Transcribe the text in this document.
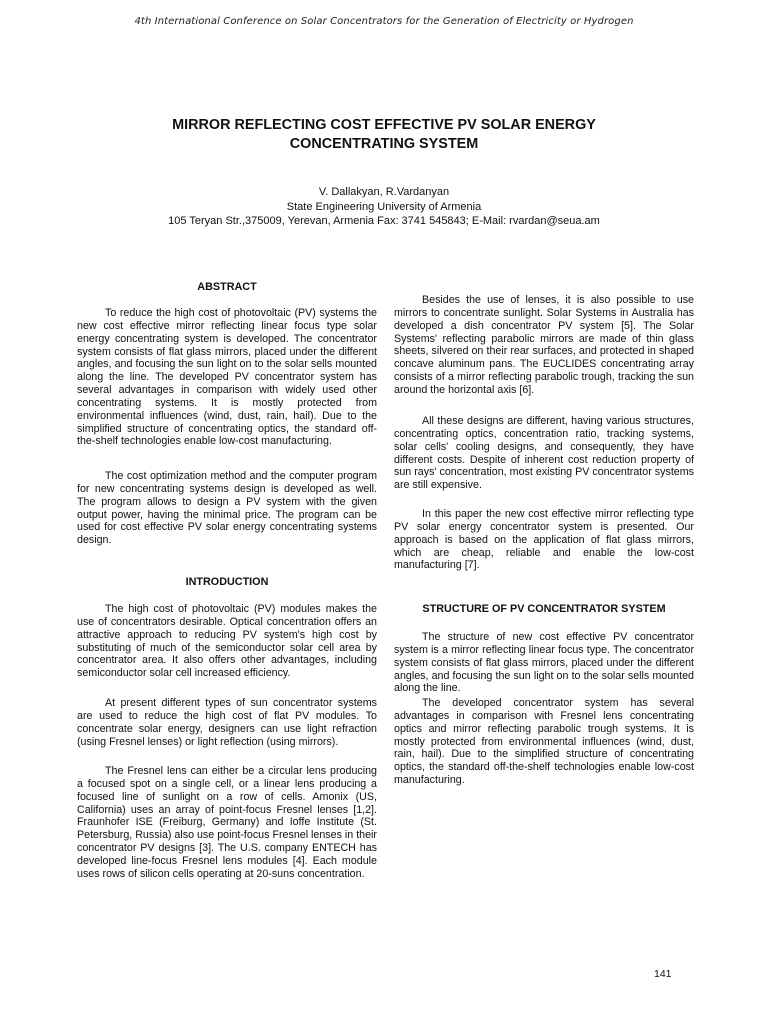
4th International Conference on Solar Concentrators for the Generation of Electricity or Hydrogen
MIRROR REFLECTING COST EFFECTIVE PV SOLAR ENERGY
CONCENTRATING SYSTEM
V. Dallakyan, R.Vardanyan
State Engineering University of Armenia
105 Teryan Str.,375009, Yerevan, Armenia Fax: 3741 545843; E-Mail: rvardan@seua.am
ABSTRACT

To reduce the high cost of photovoltaic (PV) systems the new cost effective mirror reflecting linear focus type solar energy concentrating system is developed. The concentrator system consists of flat glass mirrors, placed under the different angles, and focusing the sun light on to the solar sells mounted along the line. The developed PV concentrator system has several advantages in comparison with widely used other concentrating systems. It is mostly protected from environmental influences (wind, dust, rain, hail). Due to the simplified structure of concentrating optics, the standard off-the-shelf technologies enable low-cost manufacturing.

The cost optimization method and the computer program for new concentrating systems design is developed as well. The program allows to design a PV system with the given output power, having the minimal price. The program can be used for cost effective PV solar energy concentrating systems design.

INTRODUCTION

The high cost of photovoltaic (PV) modules makes the use of concentrators desirable. Optical concentration offers an attractive approach to reducing PV system's high cost by substituting of much of the semiconductor solar cell area by concentrator area. It also offers other advantages, including semiconductor solar cell increased efficiency.

At present different types of sun concentrator systems are used to reduce the high cost of flat PV modules. To concentrate solar energy, designers can use light refraction (using Fresnel lenses) or light reflection (using mirrors).

The Fresnel lens can either be a circular lens producing a focused spot on a single cell, or a linear lens producing a focused line of sunlight on a row of cells. Amonix (US, California) uses an array of point-focus Fresnel lenses [1,2]. Fraunhofer ISE (Freiburg, Germany) and Ioffe Institute (St. Petersburg, Russia) also use point-focus Fresnel lenses in their concentrator PV designs [3]. The U.S. company ENTECH has developed line-focus Fresnel lens modules [4]. Each module uses rows of silicon cells operating at 20-suns concentration.

Besides the use of lenses, it is also possible to use mirrors to concentrate sunlight. Solar Systems in Australia has developed a dish concentrator PV system [5]. The Solar Systems' reflecting parabolic mirrors are made of thin glass sheets, silvered on their rear surfaces, and protected in shaped concave aluminum pans. The EUCLIDES concentrating array consists of a mirror reflecting parabolic trough, tracking the sun around the horizontal axis [6].

All these designs are different, having various structures, concentrating optics, concentration ratio, tracking systems, solar cells' cooling designs, and consequently, they have different costs. Despite of inherent cost reduction property of sun rays' concentration, most existing PV concentrator systems are still expensive.

In this paper the new cost effective mirror reflecting type PV solar energy concentrator system is presented. Our approach is based on the application of flat glass mirrors, which are cheap, reliable and enable the low-cost manufacturing [7].

STRUCTURE OF PV CONCENTRATOR SYSTEM

The structure of new cost effective PV concentrator system is a mirror reflecting linear focus type. The concentrator system consists of flat glass mirrors, placed under the different angles, and focusing the sun light on to the solar sells mounted along the line.

The developed concentrator system has several advantages in comparison with Fresnel lens concentrating optics and mirror reflecting parabolic trough systems. It is mostly protected from environmental influences (wind, dust, rain, hail). Due to the simplified structure of concentrating optics, the standard off-the-shelf technologies enable low-cost manufacturing.

141
